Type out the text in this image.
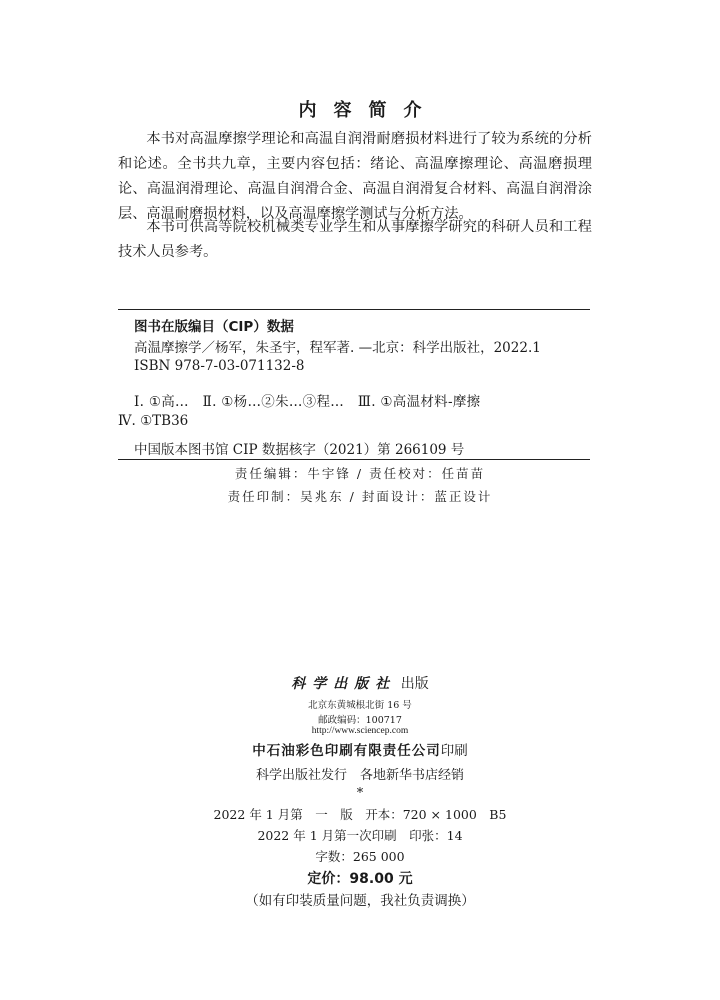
内容简介

本书对高温摩擦学理论和高温自润滑耐磨损材料进行了较为系统的分析和论述。全书共九章，主要内容包括：绪论、高温摩擦理论、高温磨损理论、高温润滑理论、高温自润滑合金、高温自润滑复合材料、高温自润滑涂层、高温耐磨损材料，以及高温摩擦学测试与分析方法。

本书可供高等院校机械类专业学生和从事摩擦学研究的科研人员和工程技术人员参考。

图书在版编目（CIP）数据
高温摩擦学／杨军，朱圣宇，程军著. —北京：科学出版社，2022.1
ISBN 978-7-03-071132-8
Ⅰ. ①高…　Ⅱ. ①杨…②朱…③程…　Ⅲ. ①高温材料-摩擦
Ⅳ. ①TB36
中国版本图书馆 CIP 数据核字（2021）第 266109 号
责任编辑：牛宇锋 / 责任校对：任苗苗
责任印制：吴兆东 / 封面设计：蓝正设计
科学出版社 出版
北京东黄城根北街 16 号
邮政编码：100717
http://www.sciencep.com
中石油彩色印刷有限责任公司印刷
科学出版社发行　各地新华书店经销
*
2022 年 1 月第　一　版　开本：720 × 1000　B5
2022 年 1 月第一次印刷　印张：14
字数：265 000
定价：98.00 元
（如有印装质量问题，我社负责调换）
